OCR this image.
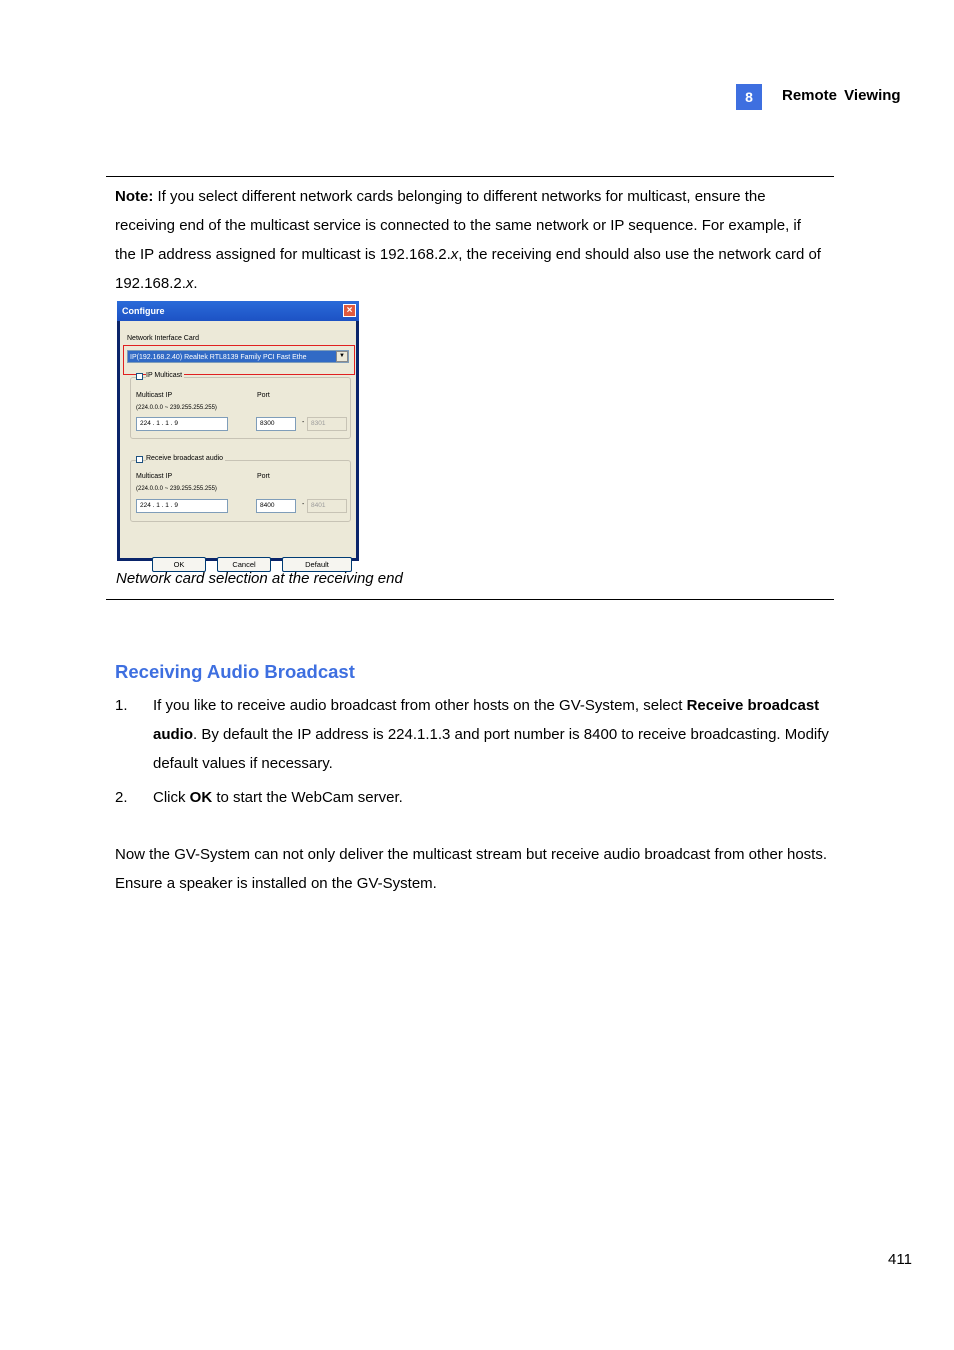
8	Remote Viewing
Note: If you select different network cards belonging to different networks for multicast, ensure the receiving end of the multicast service is connected to the same network or IP sequence. For example, if the IP address assigned for multicast is 192.168.2.x, the receiving end should also use the network card of 192.168.2.x.
Configure	×
Network Interface Card
IP(192.168.2.40) Realtek RTL8139 Family PCI Fast Ethe	▼
IP Multicast
Multicast IP
(224.0.0.0 ~ 239.255.255.255)
Port
224 . 1 . 1 . 9	8300	-	8301
Receive broadcast audio
Multicast IP
(224.0.0.0 ~ 239.255.255.255)
Port
224 . 1 . 1 . 9	8400	-	8401
OK	Cancel	Default
Network card selection at the receiving end
Receiving Audio Broadcast
1. If you like to receive audio broadcast from other hosts on the GV-System, select Receive broadcast audio. By default the IP address is 224.1.1.3 and port number is 8400 to receive broadcasting. Modify default values if necessary.
2. Click OK to start the WebCam server.
Now the GV-System can not only deliver the multicast stream but receive audio broadcast from other hosts. Ensure a speaker is installed on the GV-System.
411
